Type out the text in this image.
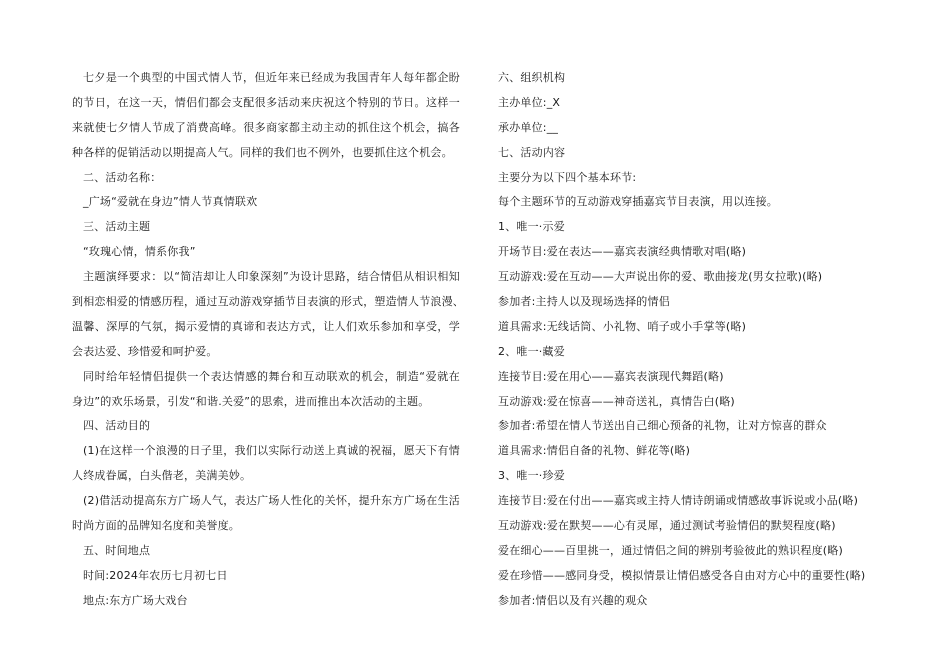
七夕是一个典型的中国式情人节，但近年来已经成为我国青年人每年都企盼
的节日，在这一天，情侣们都会支配很多活动来庆祝这个特别的节日。这样一
来就使七夕情人节成了消费高峰。很多商家都主动主动的抓住这个机会，搞各
种各样的促销活动以期提高人气。同样的我们也不例外，也要抓住这个机会。
二、活动名称：
_广场“爱就在身边”情人节真情联欢
三、活动主题
“玫瑰心情，情系你我”
主题演绎要求：以“简洁却让人印象深刻”为设计思路，结合情侣从相识相知
到相恋相爱的情感历程，通过互动游戏穿插节目表演的形式，塑造情人节浪漫、
温馨、深厚的气氛，揭示爱情的真谛和表达方式，让人们欢乐参加和享受，学
会表达爱、珍惜爱和呵护爱。
同时给年轻情侣提供一个表达情感的舞台和互动联欢的机会，制造“爱就在
身边”的欢乐场景，引发“和谐.关爱”的思索，进而推出本次活动的主题。
四、活动目的
(1)在这样一个浪漫的日子里，我们以实际行动送上真诚的祝福，愿天下有情
人终成眷属，白头偕老，美满美妙。
(2)借活动提高东方广场人气，表达广场人性化的关怀，提升东方广场在生活
时尚方面的品牌知名度和美誉度。
五、时间地点
时间:2024年农历七月初七日
地点:东方广场大戏台
六、组织机构
主办单位:_X
承办单位:__
七、活动内容
主要分为以下四个基本环节:
每个主题环节的互动游戏穿插嘉宾节目表演，用以连接。
1、唯一·示爱
开场节目:爱在表达——嘉宾表演经典情歌对唱(略)
互动游戏:爱在互动——大声说出你的爱、歌曲接龙(男女拉歌)(略)
参加者:主持人以及现场选择的情侣
道具需求:无线话筒、小礼物、哨子或小手掌等(略)
2、唯一·藏爱
连接节目:爱在用心——嘉宾表演现代舞蹈(略)
互动游戏:爱在惊喜——神奇送礼，真情告白(略)
参加者:希望在情人节送出自己细心预备的礼物，让对方惊喜的群众
道具需求:情侣自备的礼物、鲜花等(略)
3、唯一·珍爱
连接节目:爱在付出——嘉宾或主持人情诗朗诵或情感故事诉说或小品(略)
互动游戏:爱在默契——心有灵犀，通过测试考验情侣的默契程度(略)
爱在细心——百里挑一，通过情侣之间的辨别考验彼此的熟识程度(略)
爱在珍惜——感同身受，模拟情景让情侣感受各自由对方心中的重要性(略)
参加者:情侣以及有兴趣的观众
